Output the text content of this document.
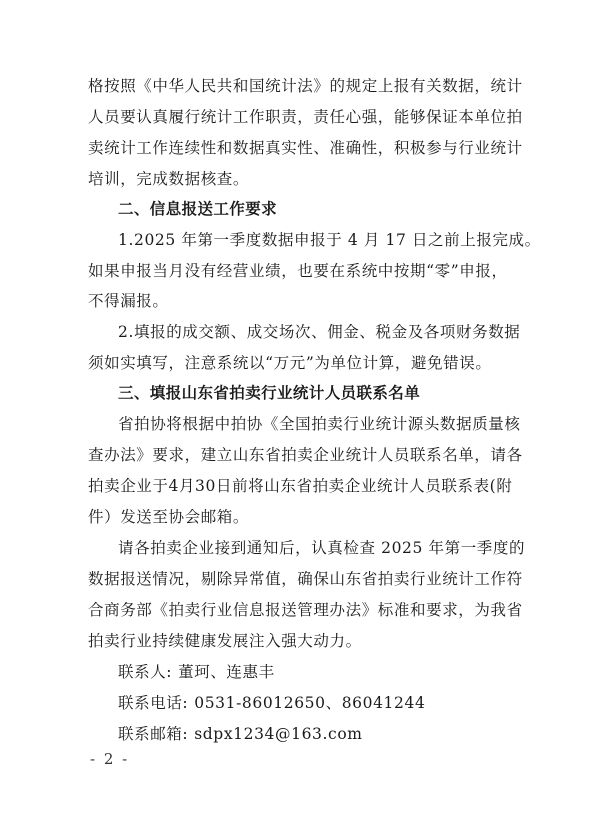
格按照《中华人民共和国统计法》的规定上报有关数据，统计
人员要认真履行统计工作职责，责任心强，能够保证本单位拍
卖统计工作连续性和数据真实性、准确性，积极参与行业统计
培训，完成数据核查。
二、信息报送工作要求
1.2025 年第一季度数据申报于 4 月 17 日之前上报完成。
如果申报当月没有经营业绩，也要在系统中按期“零”申报，
不得漏报。
2.填报的成交额、成交场次、佣金、税金及各项财务数据
须如实填写，注意系统以“万元”为单位计算，避免错误。
三、填报山东省拍卖行业统计人员联系名单
省拍协将根据中拍协《全国拍卖行业统计源头数据质量核
查办法》要求，建立山东省拍卖企业统计人员联系名单，请各
拍卖企业于4月30日前将山东省拍卖企业统计人员联系表(附
件）发送至协会邮箱。
请各拍卖企业接到通知后，认真检查 2025 年第一季度的
数据报送情况，剔除异常值，确保山东省拍卖行业统计工作符
合商务部《拍卖行业信息报送管理办法》标准和要求，为我省
拍卖行业持续健康发展注入强大动力。
联系人: 董珂、连惠丰
联系电话: 0531-86012650、86041244
联系邮箱: sdpx1234@163.com
- 2 -
